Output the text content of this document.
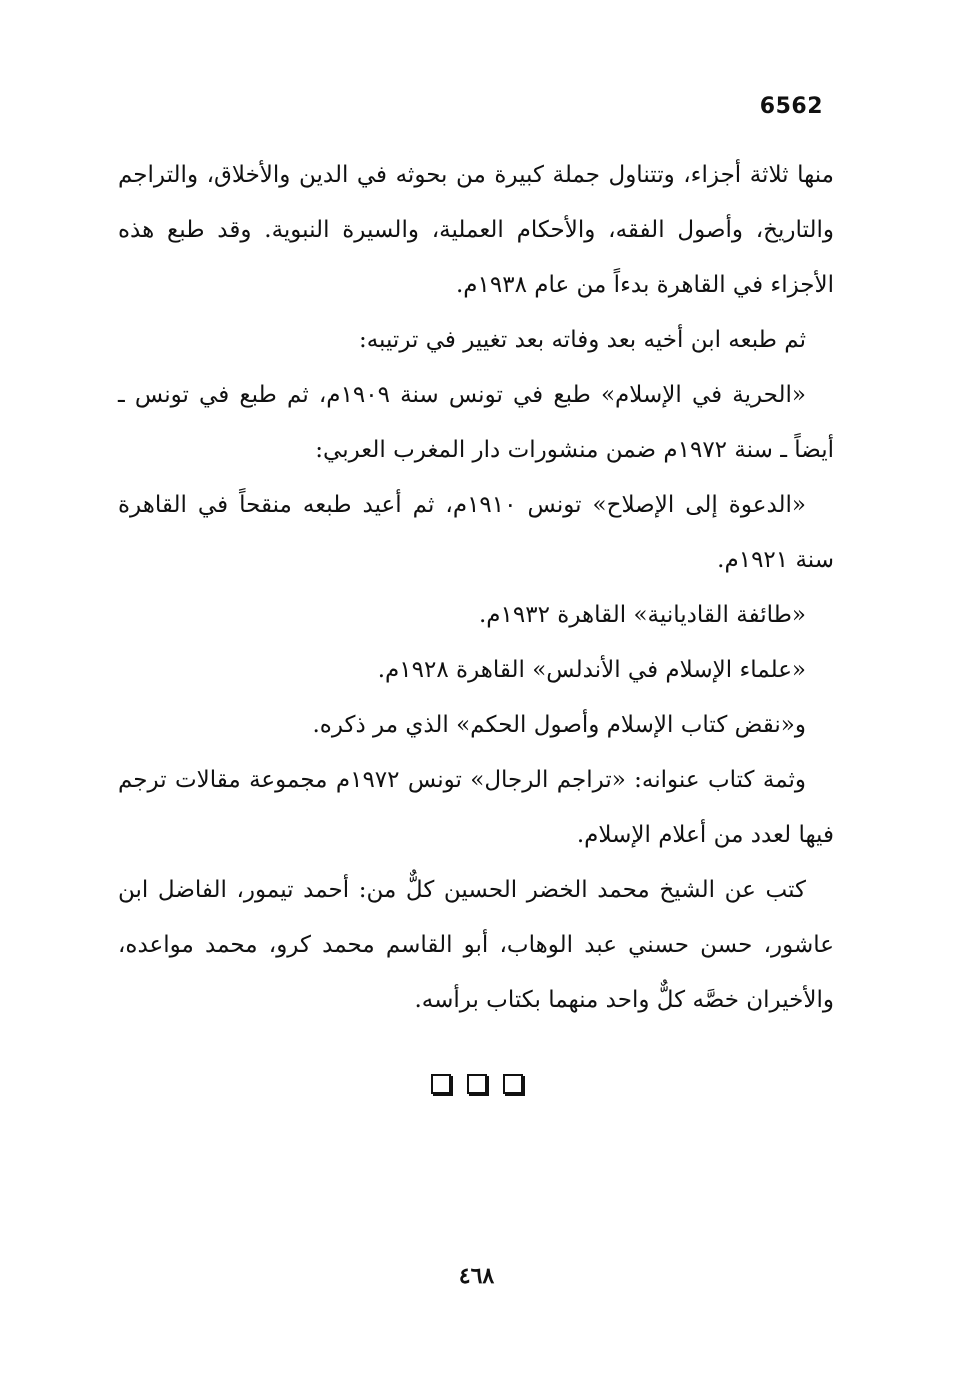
6562

منها ثلاثة أجزاء، وتتناول جملة كبيرة من بحوثه في الدين والأخلاق، والتراجم والتاريخ، وأصول الفقه، والأحكام العملية، والسيرة النبوية. وقد طبع هذه الأجزاء في القاهرة بدءاً من عام ١٩٣٨م.

ثم طبعه ابن أخيه بعد وفاته بعد تغيير في ترتيبه:

«الحرية في الإسلام» طبع في تونس سنة ١٩٠٩م، ثم طبع في تونس ـ أيضاً ـ سنة ١٩٧٢م ضمن منشورات دار المغرب العربي:

«الدعوة إلى الإصلاح» تونس ١٩١٠م، ثم أعيد طبعه منقحاً في القاهرة سنة ١٩٢١م.

«طائفة القاديانية» القاهرة ١٩٣٢م.

«علماء الإسلام في الأندلس» القاهرة ١٩٢٨م.

و«نقض كتاب الإسلام وأصول الحكم» الذي مر ذكره.

وثمة كتاب عنوانه: «تراجم الرجال» تونس ١٩٧٢م مجموعة مقالات ترجم فيها لعدد من أعلام الإسلام.

كتب عن الشيخ محمد الخضر الحسين كلٌّ من: أحمد تيمور، الفاضل ابن عاشور، حسن حسني عبد الوهاب، أبو القاسم محمد كرو، محمد مواعده، والأخيران خصَّه كلٌّ واحد منهما بكتاب برأسه.

٤٦٨
